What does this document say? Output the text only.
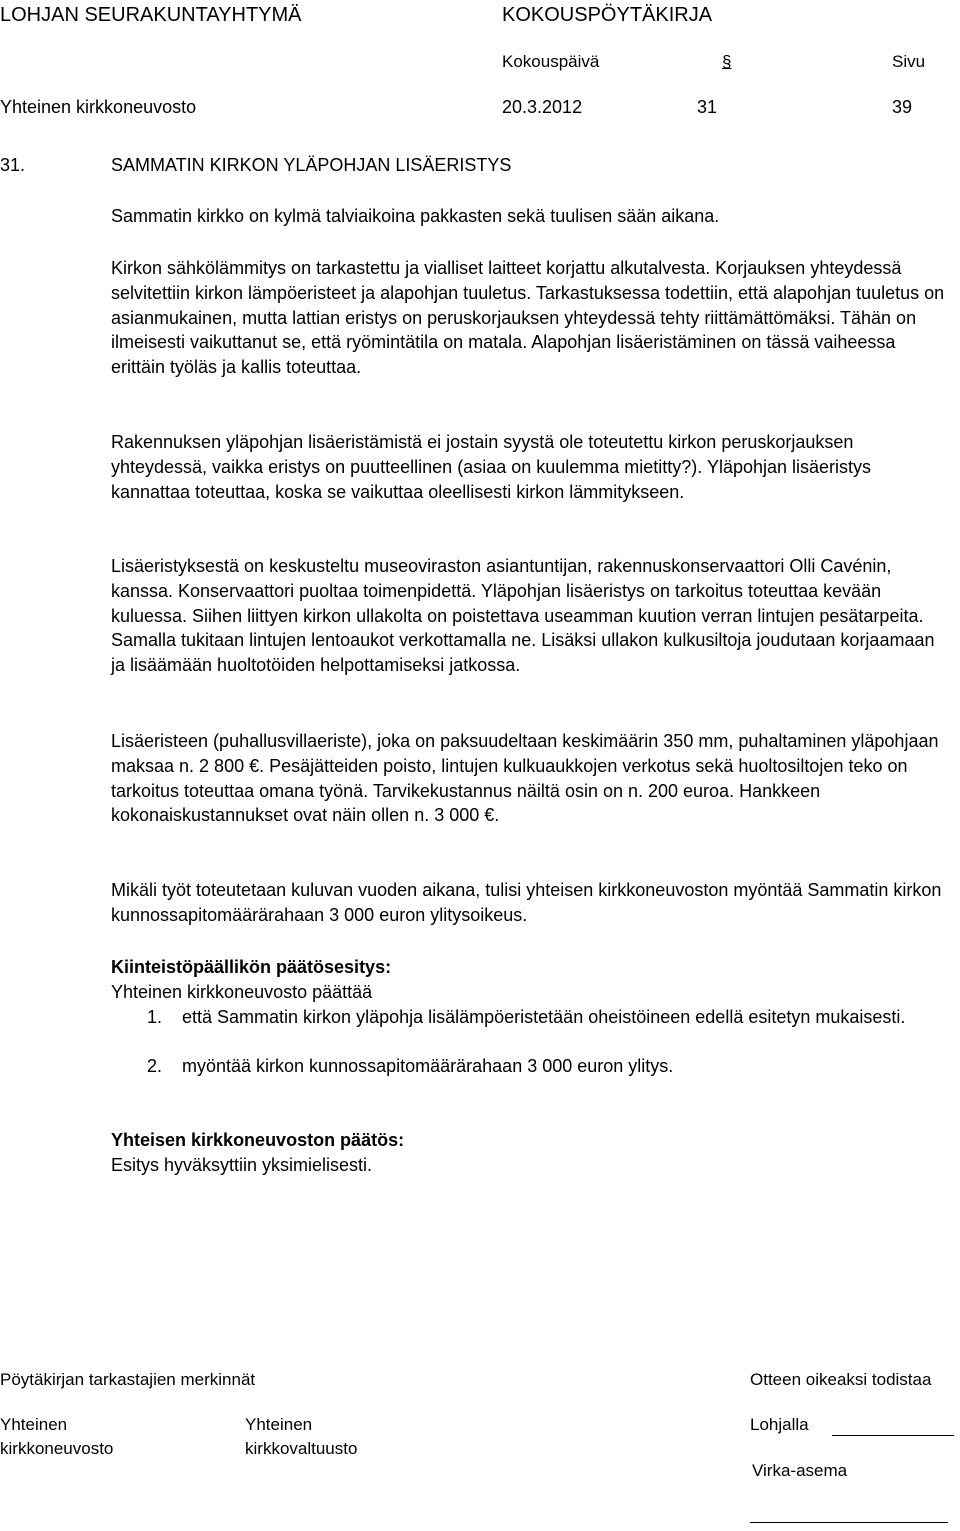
LOHJAN SEURAKUNTAYHTYMÄ	KOKOUSPÖYTÄKIRJA
Kokouspäivä	§	Sivu
Yhteinen kirkkoneuvosto	20.3.2012	31	39
31.	SAMMATIN KIRKON YLÄPOHJAN LISÄERISTYS
Sammatin kirkko on kylmä talviaikoina pakkasten sekä tuulisen sään aikana.
Kirkon sähkölämmitys on tarkastettu ja vialliset laitteet korjattu alkutalvesta. Korjauksen yhteydessä selvitettiin kirkon lämpöeristeet ja alapohjan tuuletus. Tarkastuksessa todettiin, että alapohjan tuuletus on asianmukainen, mutta lattian eristys on peruskorjauksen yhteydessä tehty riittämättömäksi. Tähän on ilmeisesti vaikuttanut se, että ryömintätila on matala. Alapohjan lisäeristäminen on tässä vaiheessa erittäin työläs ja kallis toteuttaa.
Rakennuksen yläpohjan lisäeristämistä ei jostain syystä ole toteutettu kirkon peruskorjauksen yhteydessä, vaikka eristys on puutteellinen (asiaa on kuulemma mietitty?). Yläpohjan lisäeristys kannattaa toteuttaa, koska se vaikuttaa oleellisesti kirkon lämmitykseen.
Lisäeristyksestä on keskusteltu museoviraston asiantuntijan, rakennuskonservaattori Olli Cavénin, kanssa. Konservaattori puoltaa toimenpidettä. Yläpohjan lisäeristys on tarkoitus toteuttaa kevään kuluessa. Siihen liittyen kirkon ullakolta on poistettava useamman kuution verran lintujen pesätarpeita. Samalla tukitaan lintujen lentoaukot verkottamalla ne. Lisäksi ullakon kulkusiltoja joudutaan korjaamaan ja lisäämään huoltotöiden helpottamiseksi jatkossa.
Lisäeristeen (puhallusvillaeriste), joka on paksuudeltaan keskimäärin 350 mm, puhaltaminen yläpohjaan maksaa n. 2 800 €. Pesäjätteiden poisto, lintujen kulkuaukkojen verkotus sekä huoltosiltojen teko on tarkoitus toteuttaa omana työnä. Tarvikekustannus näiltä osin on n. 200 euroa. Hankkeen kokonaiskustannukset ovat näin ollen n. 3 000 €.
Mikäli työt toteutetaan kuluvan vuoden aikana, tulisi yhteisen kirkkoneuvoston myöntää Sammatin kirkon kunnossapitomäärärahaan 3 000 euron ylitysoikeus.
Kiinteistöpäällikön päätösesitys:
Yhteinen kirkkoneuvosto päättää
1. että Sammatin kirkon yläpohja lisälämpöeristetään oheistöineen edellä esitetyn mukaisesti.
2. myöntää kirkon kunnossapitomäärärahaan 3 000 euron ylitys.
Yhteisen kirkkoneuvoston päätös:
Esitys hyväksyttiin yksimielisesti.
Pöytäkirjan tarkastajien merkinnät	Otteen oikeaksi todistaa
Yhteinen
kirkkoneuvosto
Yhteinen
kirkkovaltuusto
Lohjalla
Virka-asema
